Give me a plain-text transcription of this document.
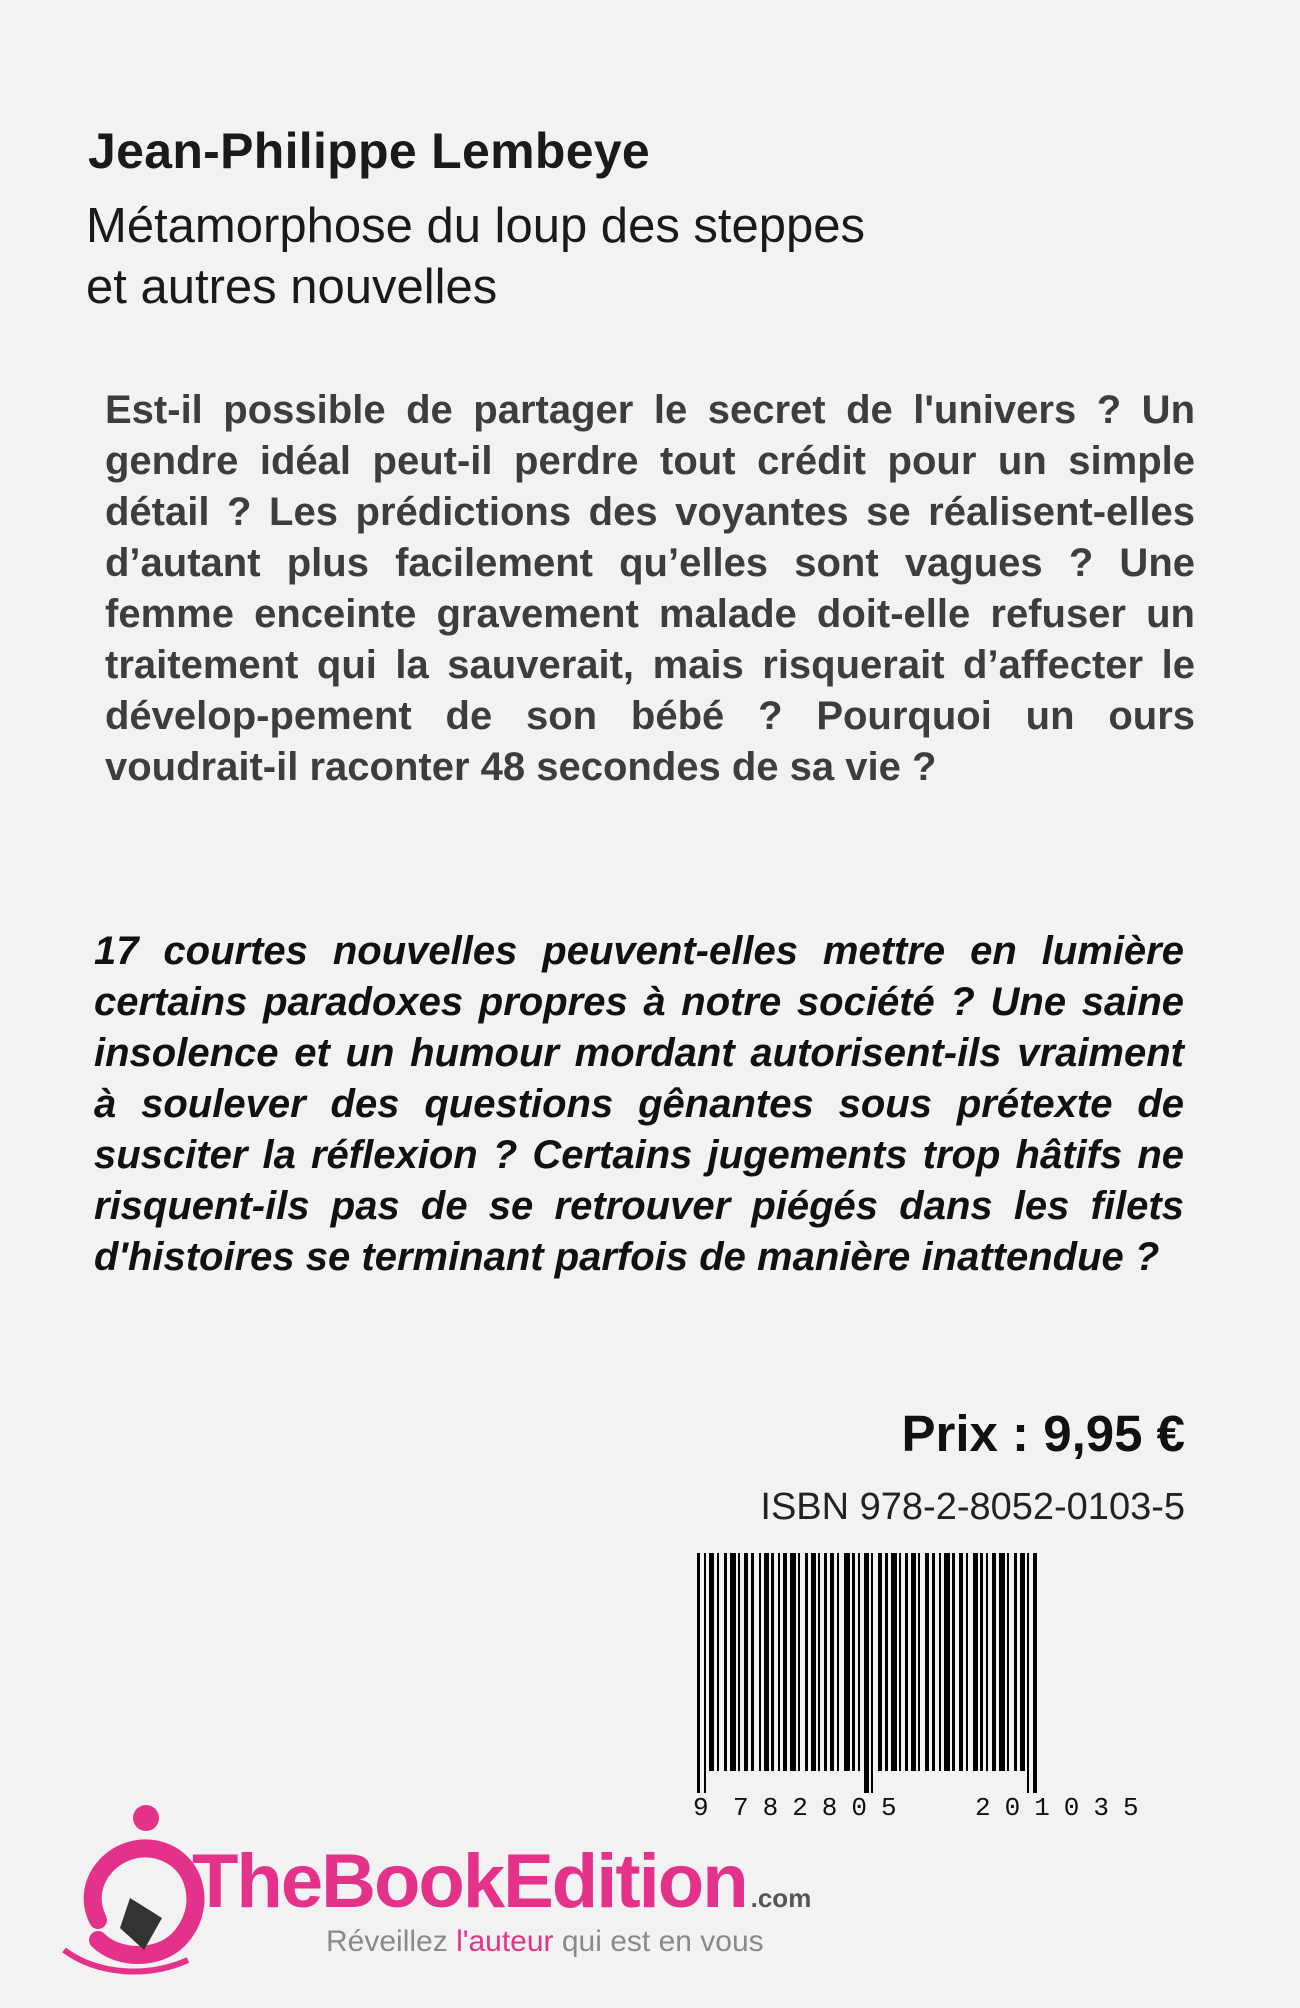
Jean-Philippe Lembeye
Métamorphose du loup des steppes
et autres nouvelles

Est-il possible de partager le secret de l'univers ? Un gendre idéal peut-il perdre tout crédit pour un simple détail ? Les prédictions des voyantes se réalisent-elles d’autant plus facilement qu’elles sont vagues ? Une femme enceinte gravement malade doit-elle refuser un traitement qui la sauverait, mais risquerait d’affecter le dévelop-pement de son bébé ? Pourquoi un ours voudrait-il raconter 48 secondes de sa vie ?

17 courtes nouvelles peuvent-elles mettre en lumière certains paradoxes propres à notre société ? Une saine insolence et un humour mordant autorisent-ils vraiment à soulever des questions gênantes sous prétexte de susciter la réflexion ? Certains jugements trop hâtifs ne risquent-ils pas de se retrouver piégés dans les filets d'histoires se terminant parfois de manière inattendue ?

Prix : 9,95 €
ISBN 978-2-8052-0103-5
9 782805 201035
TheBookEdition .com
Réveillez l'auteur qui est en vous
